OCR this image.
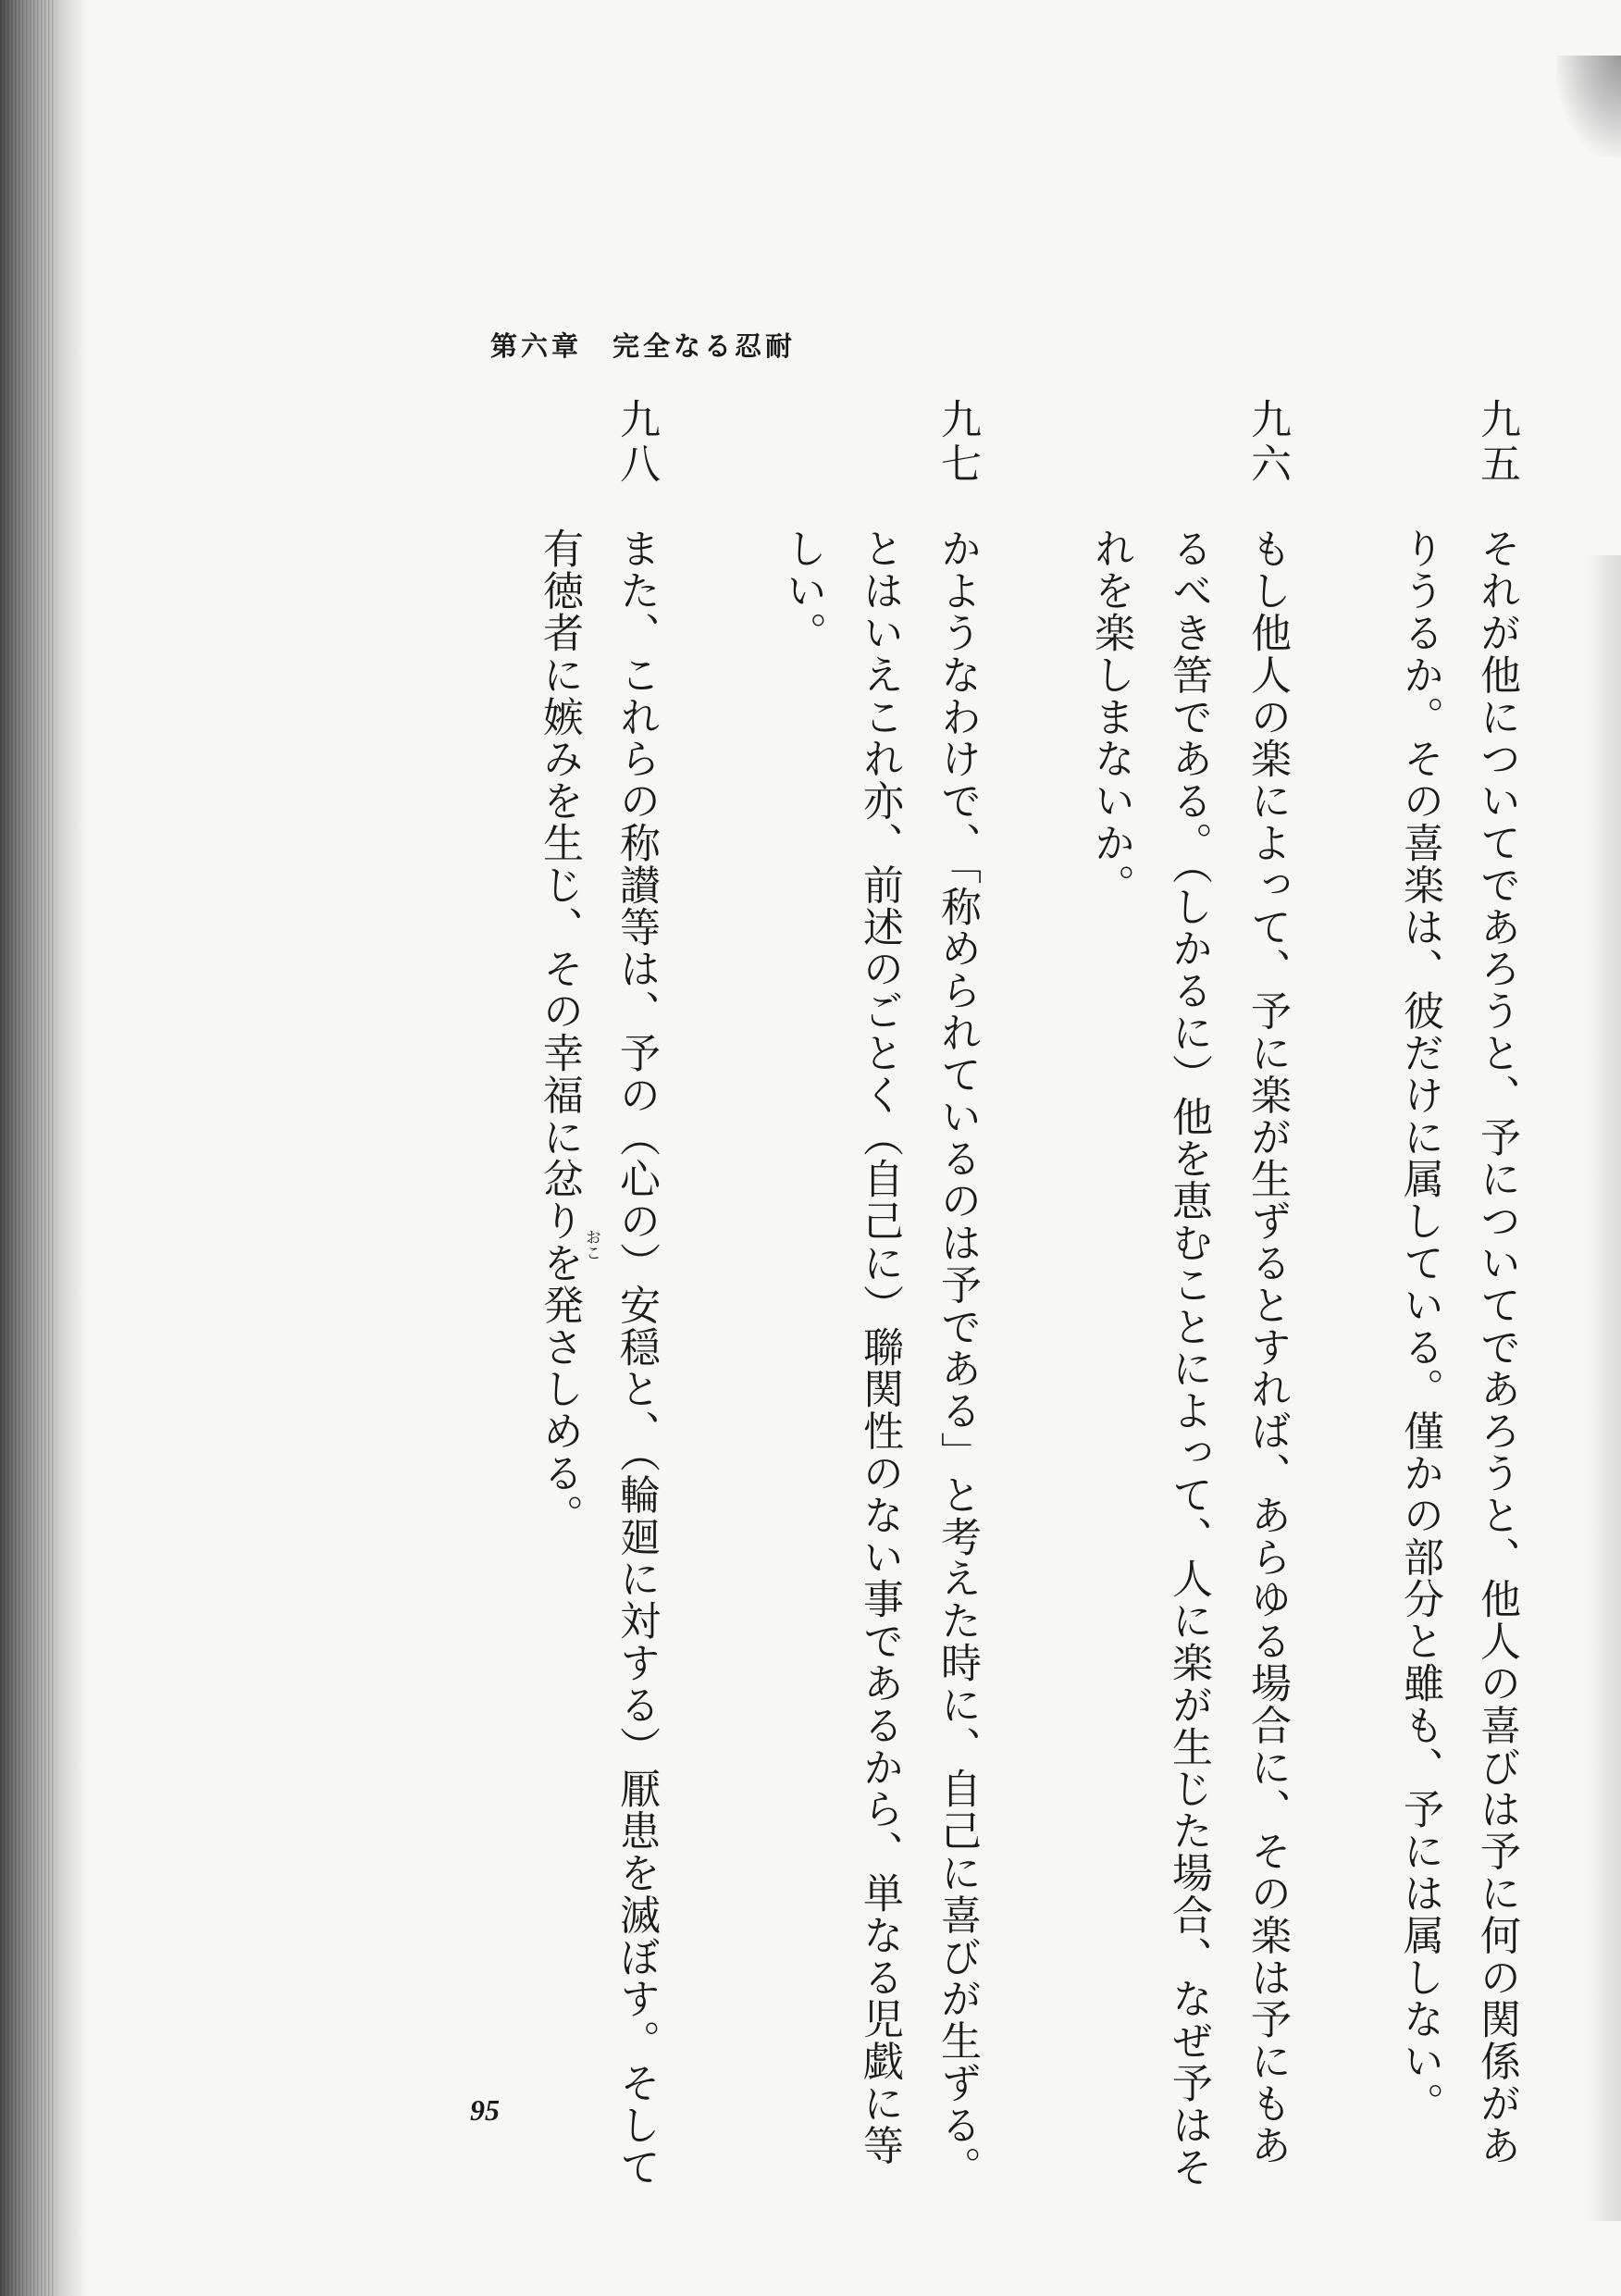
第六章　完全なる忍耐
九五
それが他についてであろうと、予についてであろうと、他人の喜びは予に何の関係があ
りうるか。その喜楽は、彼だけに属している。僅かの部分と雖も、予には属しない。
九六
もし他人の楽によって、予に楽が生ずるとすれば、あらゆる場合に、その楽は予にもあ
るべき筈である。（しかるに）他を恵むことによって、人に楽が生じた場合、なぜ予はそ
れを楽しまないか。
九七
かようなわけで、「称められているのは予である」と考えた時に、自己に喜びが生ずる。
とはいえこれ亦、前述のごとく（自己に）聯関性のない事であるから、単なる児戯に等
しい。
九八
また、これらの称讃等は、予の（心の）安穏と、（輪廻に対する）厭患を滅ぼす。そして
有徳者に嫉みを生じ、その幸福に忿りを発さしめる。 おこ
95
